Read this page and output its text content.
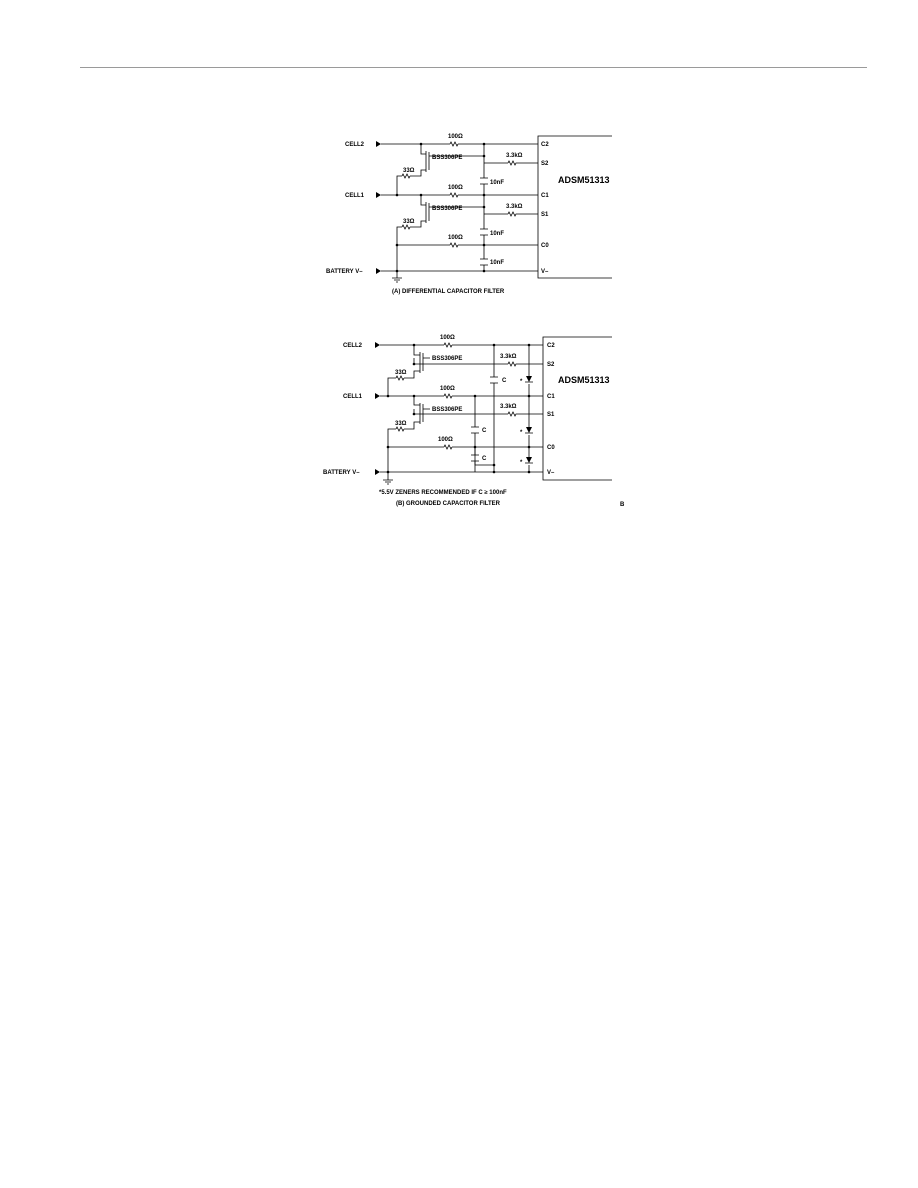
ADSM51313
C2
S2
C1
S1
C0
V–
CELL2
CELL1
BATTERY V–
100Ω
100Ω
100Ω
3.3kΩ
3.3kΩ
10nF
10nF
10nF
BSS306PE
BSS306PE
33Ω
33Ω
(A) DIFFERENTIAL CAPACITOR FILTER
ADSM51313
C2
S2
C1
S1
C0
V–
CELL2
CELL1
BATTERY V–
100Ω
100Ω
100Ω
3.3kΩ
3.3kΩ
C
C
C
*
*
*
BSS306PE
BSS306PE
33Ω
33Ω
*5.5V ZENERS RECOMMENDED IF C ≥ 100nF
(B) GROUNDED CAPACITOR FILTER	B
